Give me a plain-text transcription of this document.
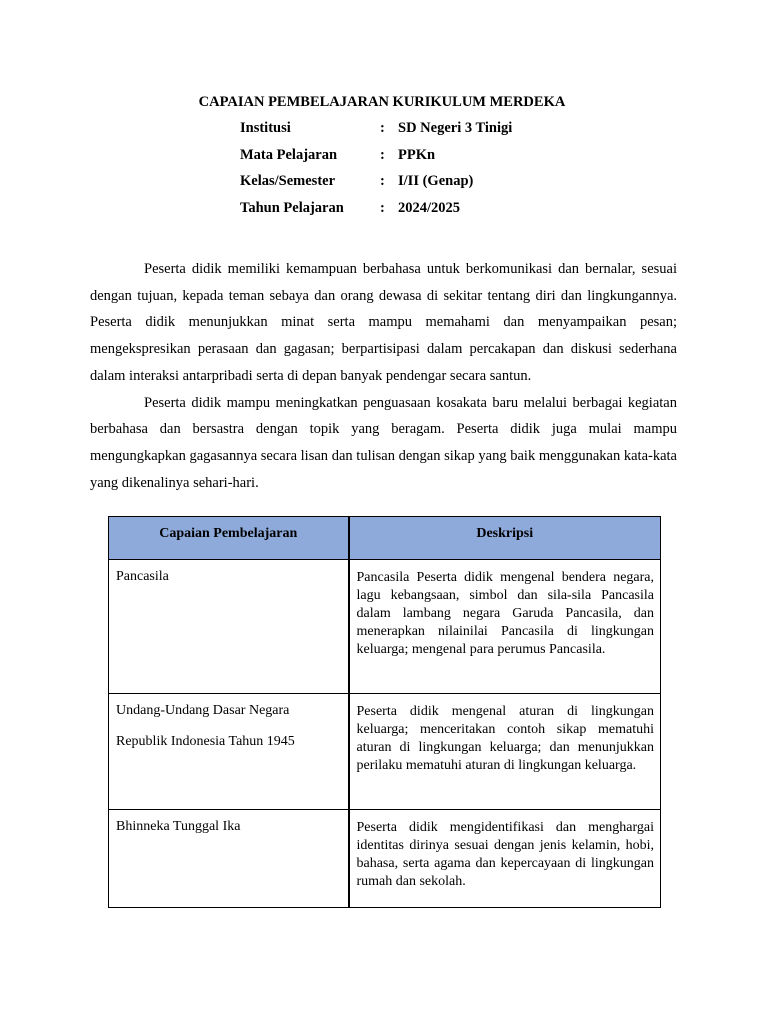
CAPAIAN PEMBELAJARAN KURIKULUM MERDEKA
Institusi	: SD Negeri 3 Tinigi
Mata Pelajaran	: PPKn
Kelas/Semester	: I/II (Genap)
Tahun Pelajaran : 2024/2025

Peserta didik memiliki kemampuan berbahasa untuk berkomunikasi dan bernalar, sesuai dengan tujuan, kepada teman sebaya dan orang dewasa di sekitar tentang diri dan lingkungannya. Peserta didik menunjukkan minat serta mampu memahami dan menyampaikan pesan; mengekspresikan perasaan dan gagasan; berpartisipasi dalam percakapan dan diskusi sederhana dalam interaksi antarpribadi serta di depan banyak pendengar secara santun.

Peserta didik mampu meningkatkan penguasaan kosakata baru melalui berbagai kegiatan berbahasa dan bersastra dengan topik yang beragam. Peserta didik juga mulai mampu mengungkapkan gagasannya secara lisan dan tulisan dengan sikap yang baik menggunakan kata-kata yang dikenalinya sehari-hari.

Capaian Pembelajaran	Deskripsi

Pancasila	Pancasila Peserta didik mengenal bendera negara, lagu kebangsaan, simbol dan sila-sila Pancasila dalam lambang negara Garuda Pancasila, dan menerapkan nilainilai Pancasila di lingkungan keluarga; mengenal para perumus Pancasila.

Undang-Undang Dasar Negara

Republik Indonesia Tahun 1945	Peserta didik mengenal aturan di lingkungan keluarga; menceritakan contoh sikap mematuhi aturan di lingkungan keluarga; dan menunjukkan perilaku mematuhi aturan di lingkungan keluarga.

Bhinneka Tunggal Ika	Peserta didik mengidentifikasi dan menghargai identitas dirinya sesuai dengan jenis kelamin, hobi, bahasa, serta agama dan kepercayaan di lingkungan rumah dan sekolah.
